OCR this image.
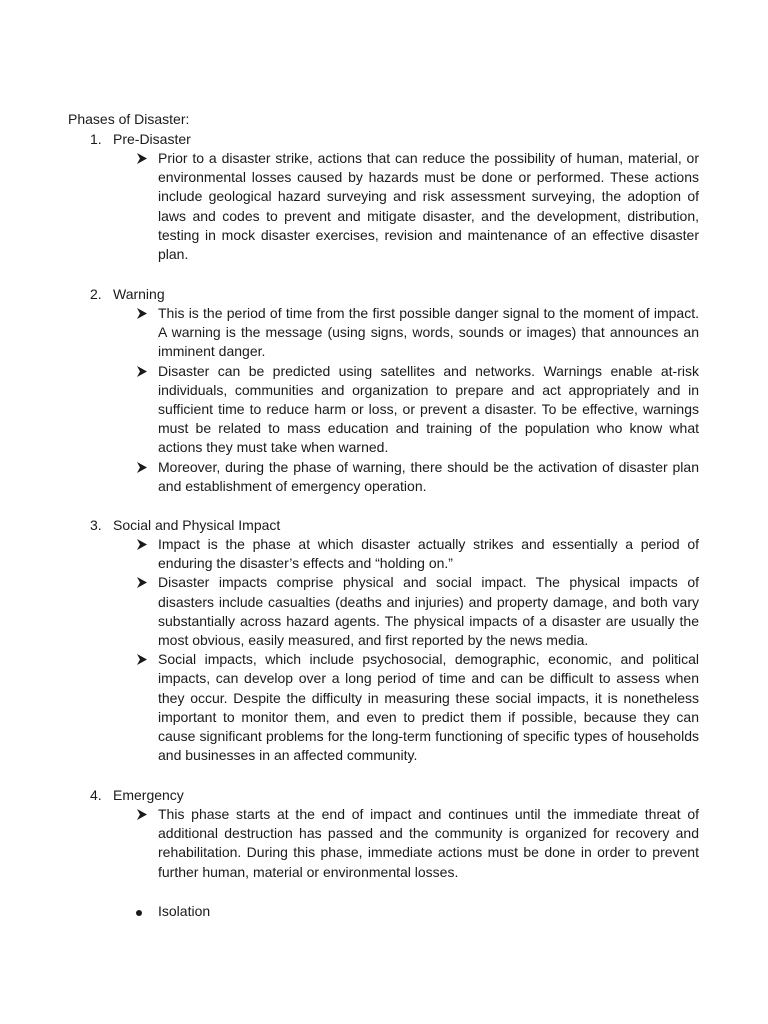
Phases of Disaster:
1. Pre-Disaster
Prior to a disaster strike, actions that can reduce the possibility of human, material, or environmental losses caused by hazards must be done or performed. These actions include geological hazard surveying and risk assessment surveying, the adoption of laws and codes to prevent and mitigate disaster, and the development, distribution, testing in mock disaster exercises, revision and maintenance of an effective disaster plan.
2. Warning
This is the period of time from the first possible danger signal to the moment of impact. A warning is the message (using signs, words, sounds or images) that announces an imminent danger.
Disaster can be predicted using satellites and networks. Warnings enable at-risk individuals, communities and organization to prepare and act appropriately and in sufficient time to reduce harm or loss, or prevent a disaster. To be effective, warnings must be related to mass education and training of the population who know what actions they must take when warned.
Moreover, during the phase of warning, there should be the activation of disaster plan and establishment of emergency operation.
3. Social and Physical Impact
Impact is the phase at which disaster actually strikes and essentially a period of enduring the disaster’s effects and “holding on.”
Disaster impacts comprise physical and social impact. The physical impacts of disasters include casualties (deaths and injuries) and property damage, and both vary substantially across hazard agents. The physical impacts of a disaster are usually the most obvious, easily measured, and first reported by the news media.
Social impacts, which include psychosocial, demographic, economic, and political impacts, can develop over a long period of time and can be difficult to assess when they occur. Despite the difficulty in measuring these social impacts, it is nonetheless important to monitor them, and even to predict them if possible, because they can cause significant problems for the long-term functioning of specific types of households and businesses in an affected community.
4. Emergency
This phase starts at the end of impact and continues until the immediate threat of additional destruction has passed and the community is organized for recovery and rehabilitation. During this phase, immediate actions must be done in order to prevent further human, material or environmental losses.
Isolation
